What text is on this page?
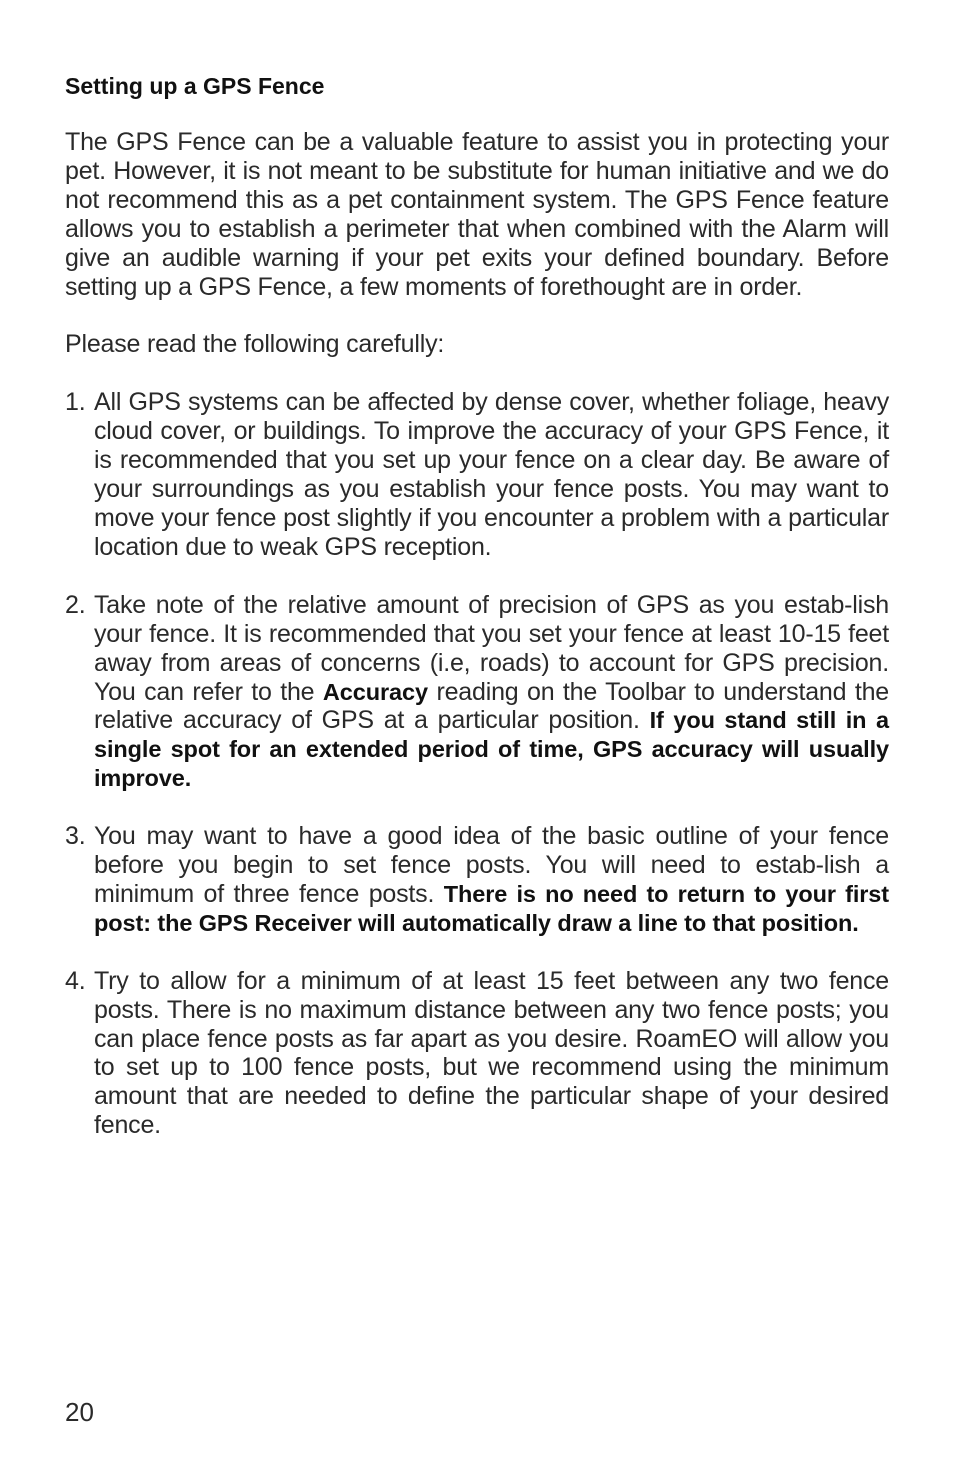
Setting up a GPS Fence

The GPS Fence can be a valuable feature to assist you in protecting your pet. However, it is not meant to be substitute for human initiative and we do not recommend this as a pet containment system. The GPS Fence feature allows you to establish a perimeter that when combined with the Alarm will give an audible warning if your pet exits your defined boundary. Before setting up a GPS Fence, a few moments of forethought are in order.

Please read the following carefully:

1. All GPS systems can be affected by dense cover, whether foliage, heavy cloud cover, or buildings. To improve the accuracy of your GPS Fence, it is recommended that you set up your fence on a clear day. Be aware of your surroundings as you establish your fence posts. You may want to move your fence post slightly if you encounter a problem with a particular location due to weak GPS reception.
2. Take note of the relative amount of precision of GPS as you estab-lish your fence. It is recommended that you set your fence at least 10-15 feet away from areas of concerns (i.e, roads) to account for GPS precision. You can refer to the Accuracy reading on the Toolbar to understand the relative accuracy of GPS at a particular position. If you stand still in a single spot for an extended period of time, GPS accuracy will usually improve.
3. You may want to have a good idea of the basic outline of your fence before you begin to set fence posts. You will need to estab-lish a minimum of three fence posts. There is no need to return to your first post: the GPS Receiver will automatically draw a line to that position.
4. Try to allow for a minimum of at least 15 feet between any two fence posts. There is no maximum distance between any two fence posts; you can place fence posts as far apart as you desire. RoamEO will allow you to set up to 100 fence posts, but we recommend using the minimum amount that are needed to define the particular shape of your desired fence.
20
